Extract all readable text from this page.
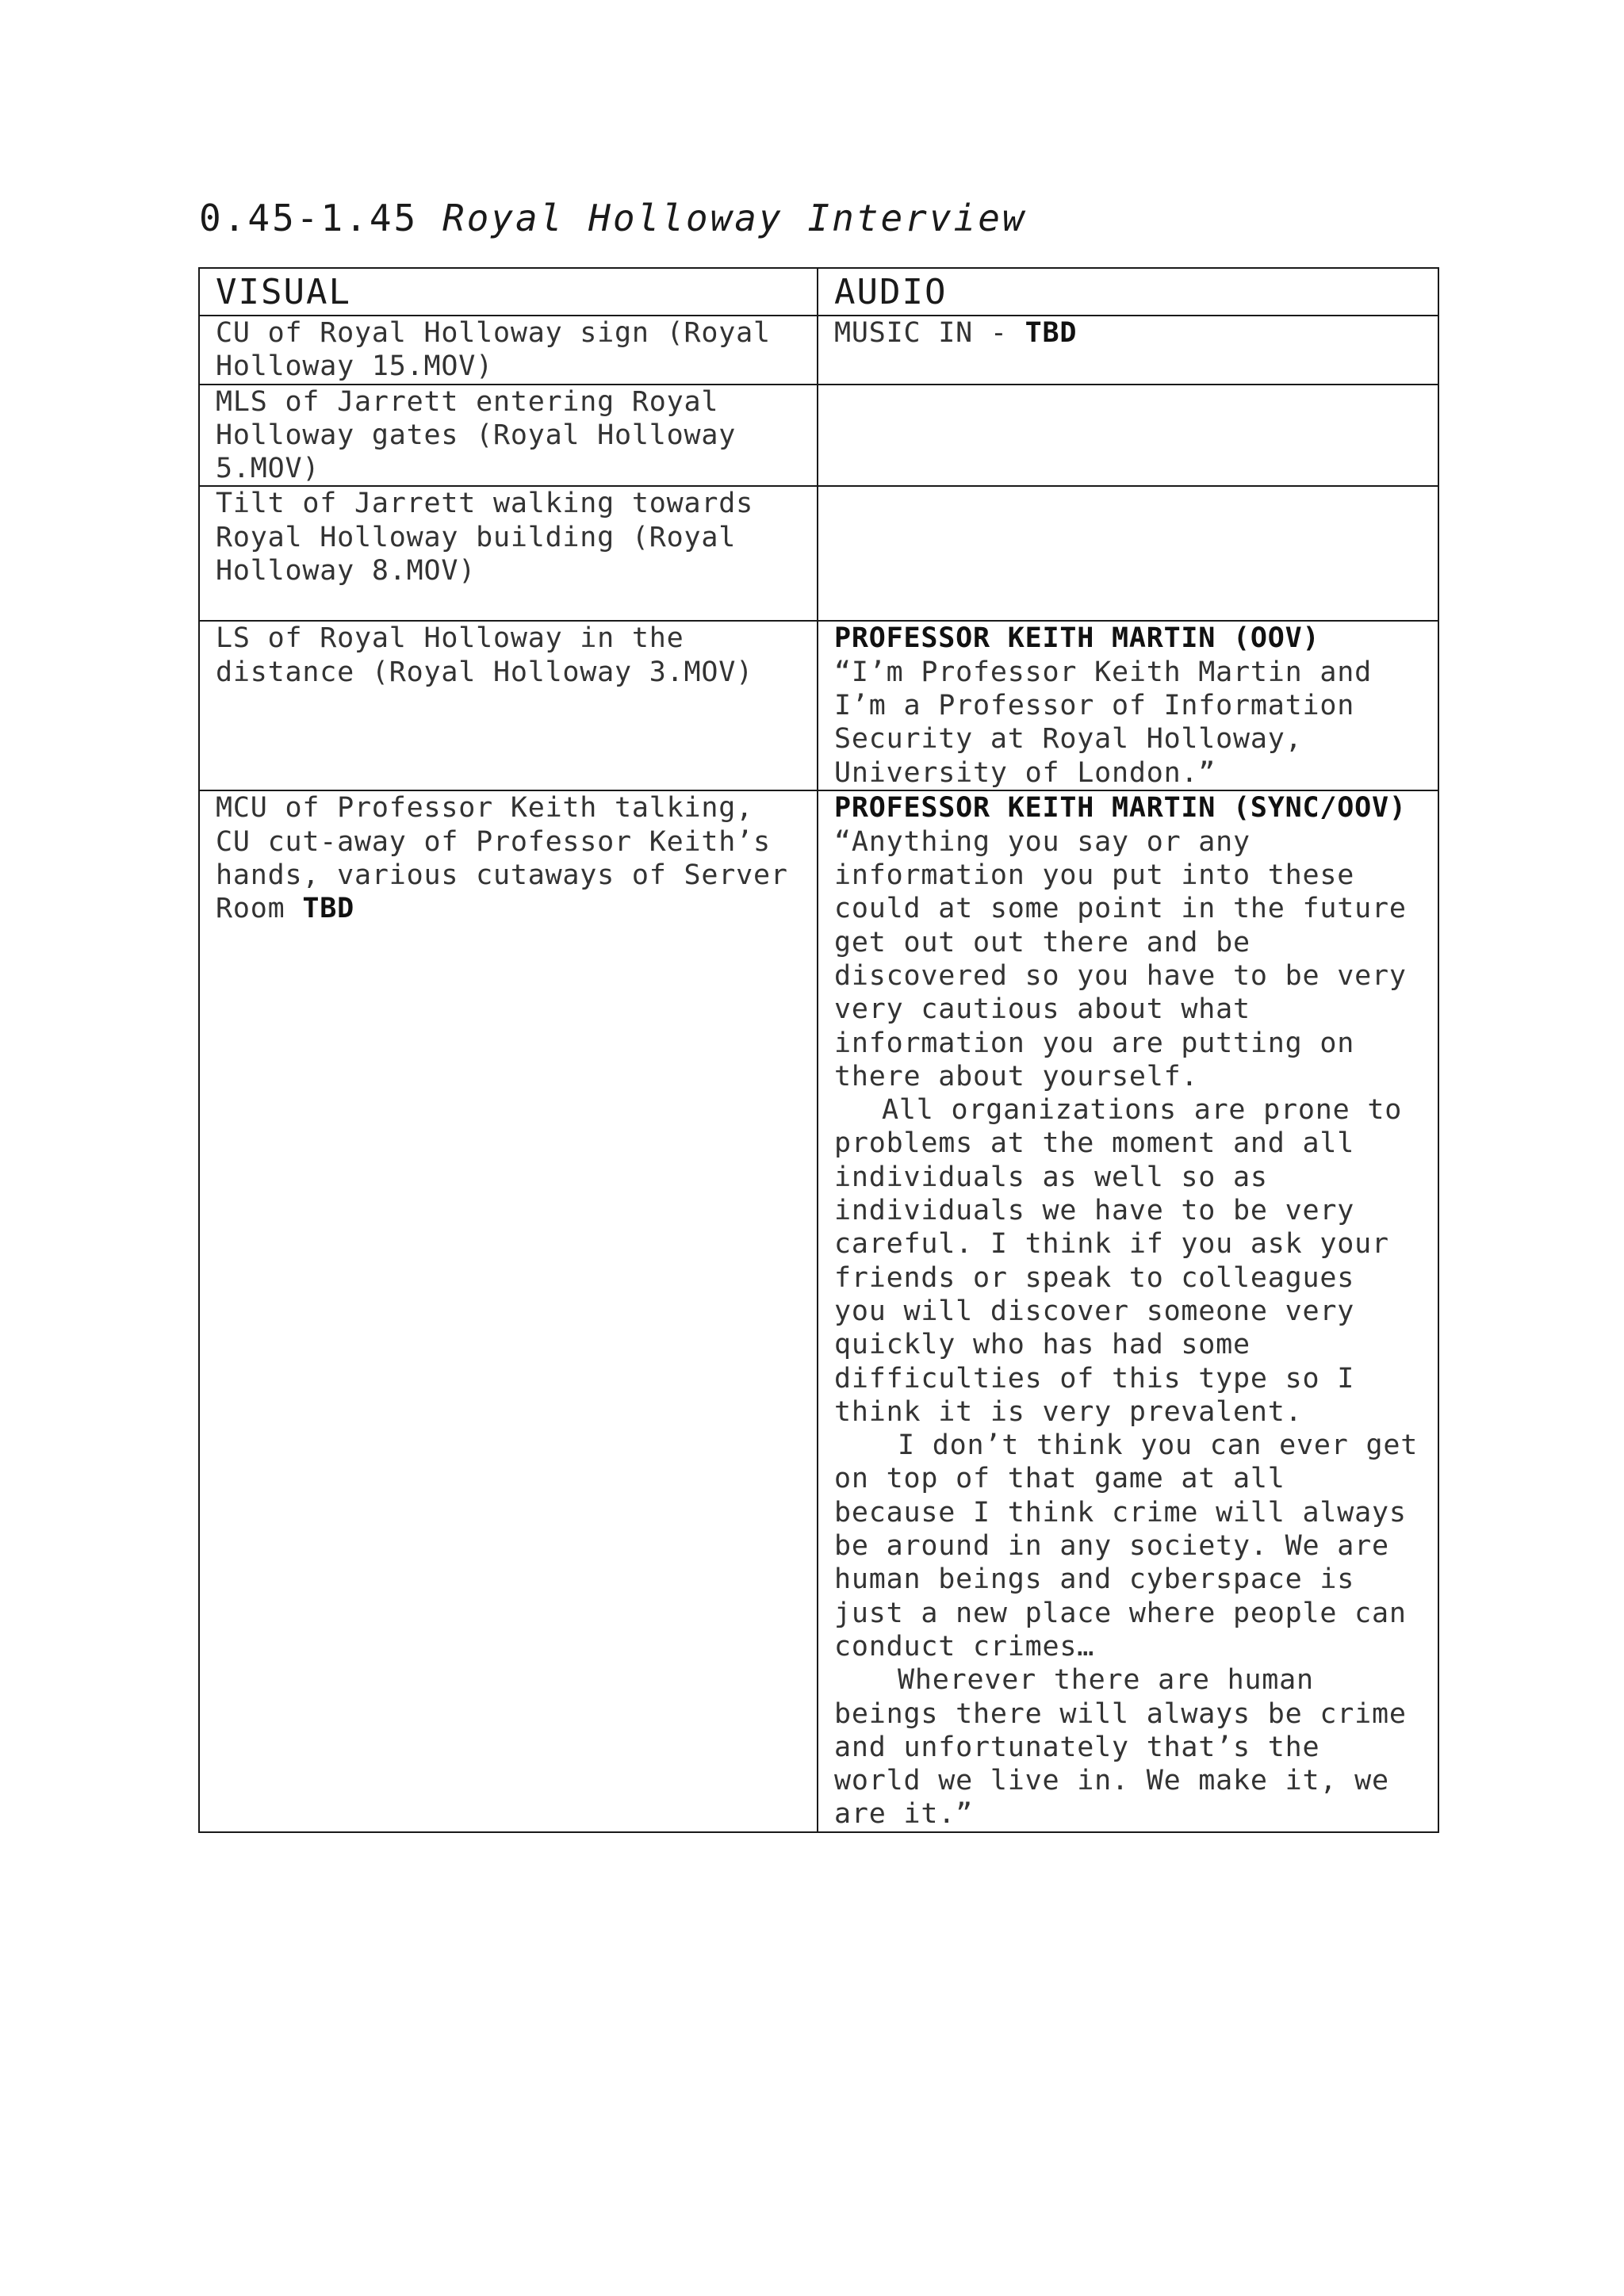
0.45-1.45 Royal Holloway Interview
VISUAL	AUDIO
CU of Royal Holloway sign (Royal Holloway 15.MOV)	MUSIC IN - TBD
MLS of Jarrett entering Royal Holloway gates (Royal Holloway 5.MOV)	
Tilt of Jarrett walking towards Royal Holloway building (Royal Holloway 8.MOV)	
LS of Royal Holloway in the distance (Royal Holloway 3.MOV)	PROFESSOR KEITH MARTIN (OOV)
“I’m Professor Keith Martin and I’m a Professor of Information Security at Royal Holloway, University of London.”

MCU of Professor Keith talking, CU cut-away of Professor Keith’s hands, various cutaways of Server Room TBD	PROFESSOR KEITH MARTIN (SYNC/OOV)
“Anything you say or any information you put into these could at some point in the future get out out there and be discovered so you have to be very very cautious about what information you are putting on there about yourself.
All organizations are prone to problems at the moment and all individuals as well so as individuals we have to be very careful. I think if you ask your friends or speak to colleagues you will discover someone very quickly who has had some difficulties of this type so I think it is very prevalent.
I don’t think you can ever get on top of that game at all because I think crime will always be around in any society. We are human beings and cyberspace is just a new place where people can conduct crimes…
Wherever there are human beings there will always be crime and unfortunately that’s the world we live in. We make it, we are it.”
